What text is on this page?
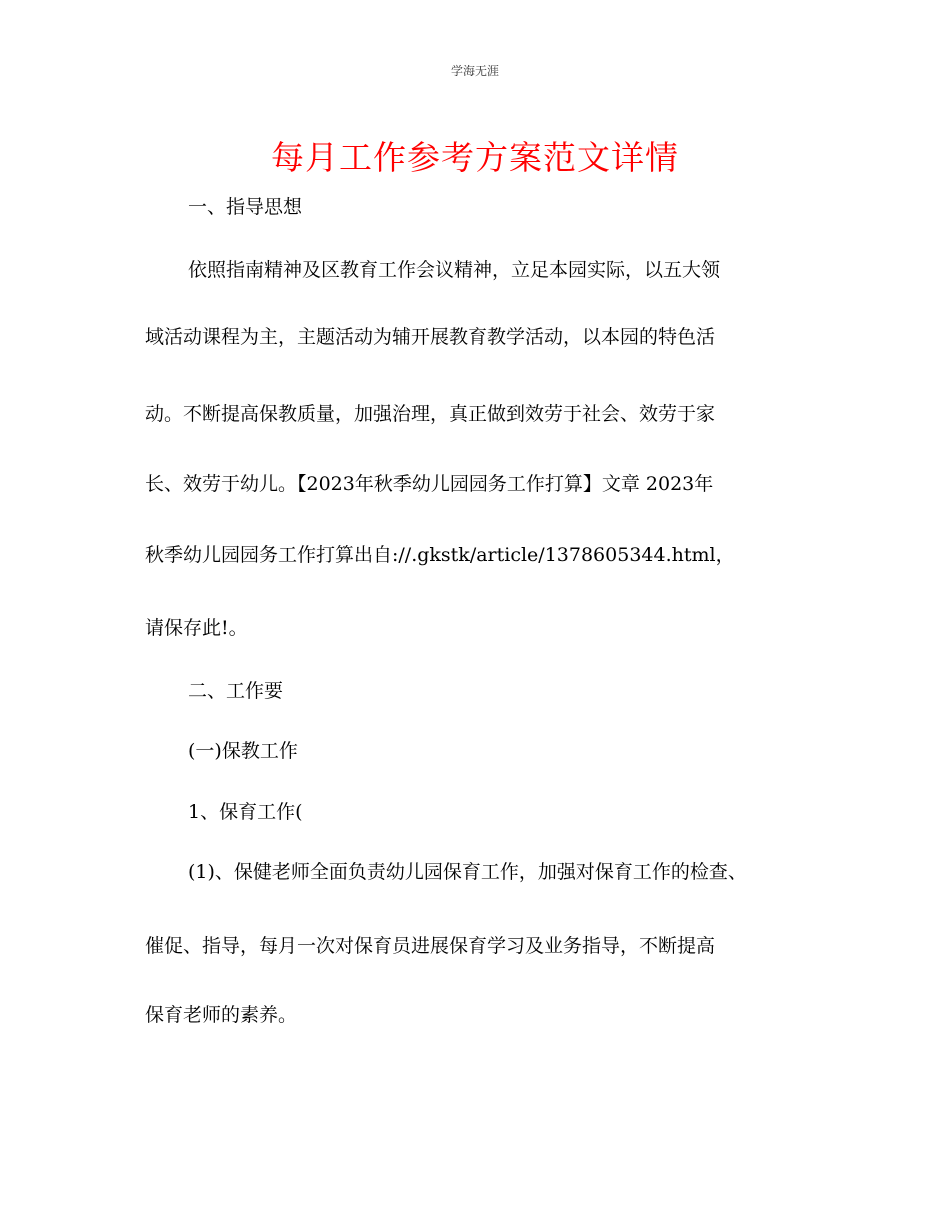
学海无涯
每月工作参考方案范文详情

一、指导思想

依照指南精神及区教育工作会议精神，立足本园实际，以五大领

域活动课程为主，主题活动为辅开展教育教学活动，以本园的特色活

动。不断提高保教质量，加强治理，真正做到效劳于社会、效劳于家

长、效劳于幼儿。【2023年秋季幼儿园园务工作打算】文章 2023年

秋季幼儿园园务工作打算出自://.gkstk/article/1378605344.html，

请保存此!。

二、工作要

(一)保教工作

1、保育工作(

(1)、保健老师全面负责幼儿园保育工作，加强对保育工作的检查、

催促、指导，每月一次对保育员进展保育学习及业务指导，不断提高

保育老师的素养。
